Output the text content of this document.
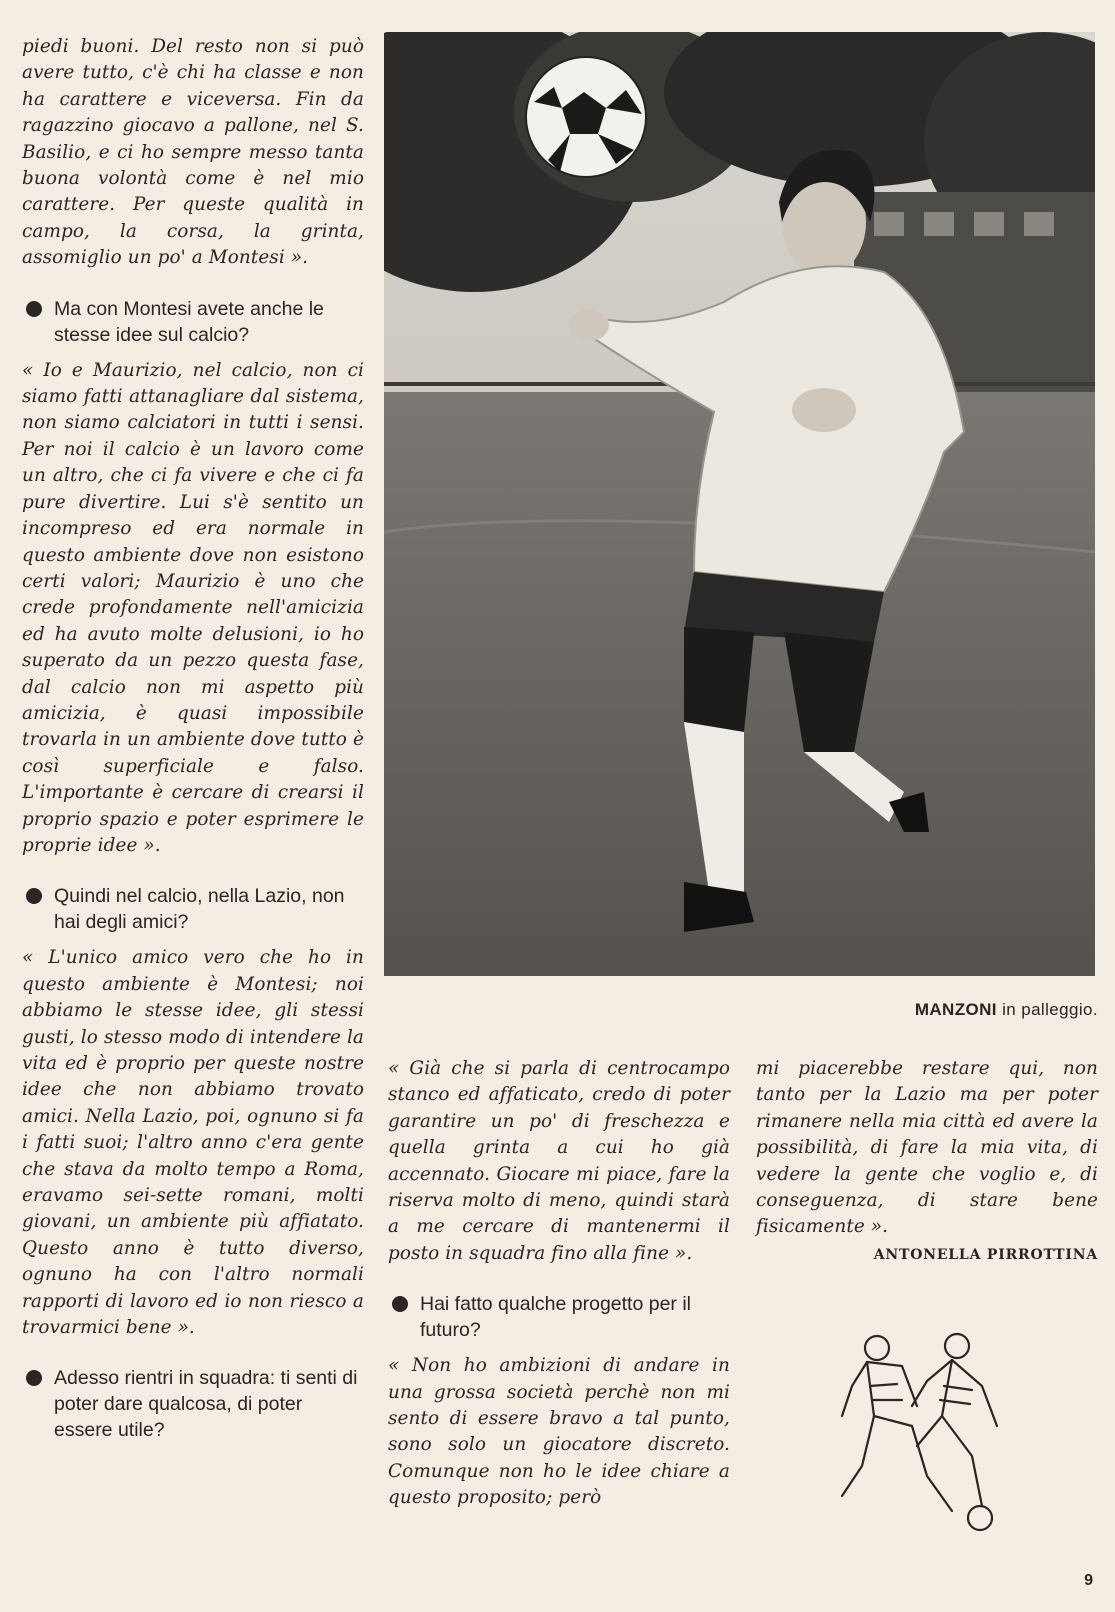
piedi buoni. Del resto non si può avere tutto, c'è chi ha classe e non ha carattere e viceversa. Fin da ragazzino giocavo a pallone, nel S. Basilio, e ci ho sempre messo tanta buona volontà come è nel mio carattere. Per queste qualità in campo, la corsa, la grinta, assomiglio un po' a Montesi ».

Ma con Montesi avete anche le stesse idee sul calcio?

« Io e Maurizio, nel calcio, non ci siamo fatti attanagliare dal sistema, non siamo calciatori in tutti i sensi. Per noi il calcio è un lavoro come un altro, che ci fa vivere e che ci fa pure divertire. Lui s'è sentito un incompreso ed era normale in questo ambiente dove non esistono certi valori; Maurizio è uno che crede profondamente nell'amicizia ed ha avuto molte delusioni, io ho superato da un pezzo questa fase, dal calcio non mi aspetto più amicizia, è quasi impossibile trovarla in un ambiente dove tutto è così superficiale e falso. L'importante è cercare di crearsi il proprio spazio e poter esprimere le proprie idee ».

Quindi nel calcio, nella Lazio, non hai degli amici?

« L'unico amico vero che ho in questo ambiente è Montesi; noi abbiamo le stesse idee, gli stessi gusti, lo stesso modo di intendere la vita ed è proprio per queste nostre idee che non abbiamo trovato amici. Nella Lazio, poi, ognuno si fa i fatti suoi; l'altro anno c'era gente che stava da molto tempo a Roma, eravamo sei-sette romani, molti giovani, un ambiente più affiatato. Questo anno è tutto diverso, ognuno ha con l'altro normali rapporti di lavoro ed io non riesco a trovarmici bene ».

Adesso rientri in squadra: ti senti di poter dare qualcosa, di poter essere utile?

MANZONI in palleggio.

« Già che si parla di centrocampo stanco ed affaticato, credo di poter garantire un po' di freschezza e quella grinta a cui ho già accennato. Giocare mi piace, fare la riserva molto di meno, quindi starà a me cercare di mantenermi il posto in squadra fino alla fine ».

Hai fatto qualche progetto per il futuro?

« Non ho ambizioni di andare in una grossa società perchè non mi sento di essere bravo a tal punto, sono solo un giocatore discreto. Comunque non ho le idee chiare a questo proposito; però

mi piacerebbe restare qui, non tanto per la Lazio ma per poter rimanere nella mia città ed avere la possibilità, di fare la mia vita, di vedere la gente che voglio e, di conseguenza, di stare bene fisicamente ».

ANTONELLA PIRROTTINA

9
